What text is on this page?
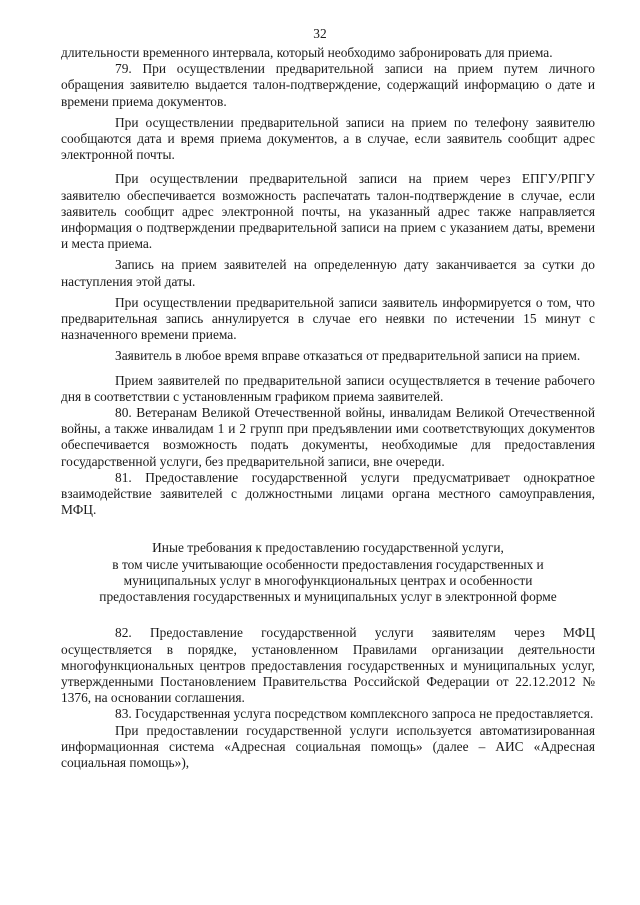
32

длительности временного интервала, который необходимо забронировать для приема.

79. При осуществлении предварительной записи на прием путем личного обращения заявителю выдается талон-подтверждение, содержащий информацию о дате и времени приема документов.

При осуществлении предварительной записи на прием по телефону заявителю сообщаются дата и время приема документов, а в случае, если заявитель сообщит адрес электронной почты.

При осуществлении предварительной записи на прием через ЕПГУ/РПГУ заявителю обеспечивается возможность распечатать талон-подтверждение в случае, если заявитель сообщит адрес электронной почты, на указанный адрес также направляется информация о подтверждении предварительной записи на прием с указанием даты, времени и места приема.

Запись на прием заявителей на определенную дату заканчивается за сутки до наступления этой даты.

При осуществлении предварительной записи заявитель информируется о том, что предварительная запись аннулируется в случае его неявки по истечении 15 минут с назначенного времени приема.

Заявитель в любое время вправе отказаться от предварительной записи на прием.

Прием заявителей по предварительной записи осуществляется в течение рабочего дня в соответствии с установленным графиком приема заявителей.

80. Ветеранам Великой Отечественной войны, инвалидам Великой Отечественной войны, а также инвалидам 1 и 2 групп при предъявлении ими соответствующих документов обеспечивается возможность подать документы, необходимые для предоставления государственной услуги, без предварительной записи, вне очереди.

81. Предоставление государственной услуги предусматривает однократное взаимодействие заявителей с должностными лицами органа местного самоуправления, МФЦ.

Иные требования к предоставлению государственной услуги,
в том числе учитывающие особенности предоставления государственных и
муниципальных услуг в многофункциональных центрах и особенности
предоставления государственных и муниципальных услуг в электронной форме

82. Предоставление государственной услуги заявителям через МФЦ осуществляется в порядке, установленном Правилами организации деятельности многофункциональных центров предоставления государственных и муниципальных услуг, утвержденными Постановлением Правительства Российской Федерации от 22.12.2012 № 1376, на основании соглашения.

83. Государственная услуга посредством комплексного запроса не предоставляется.

При предоставлении государственной услуги используется автоматизированная информационная система «Адресная социальная помощь» (далее – АИС «Адресная социальная помощь»),
